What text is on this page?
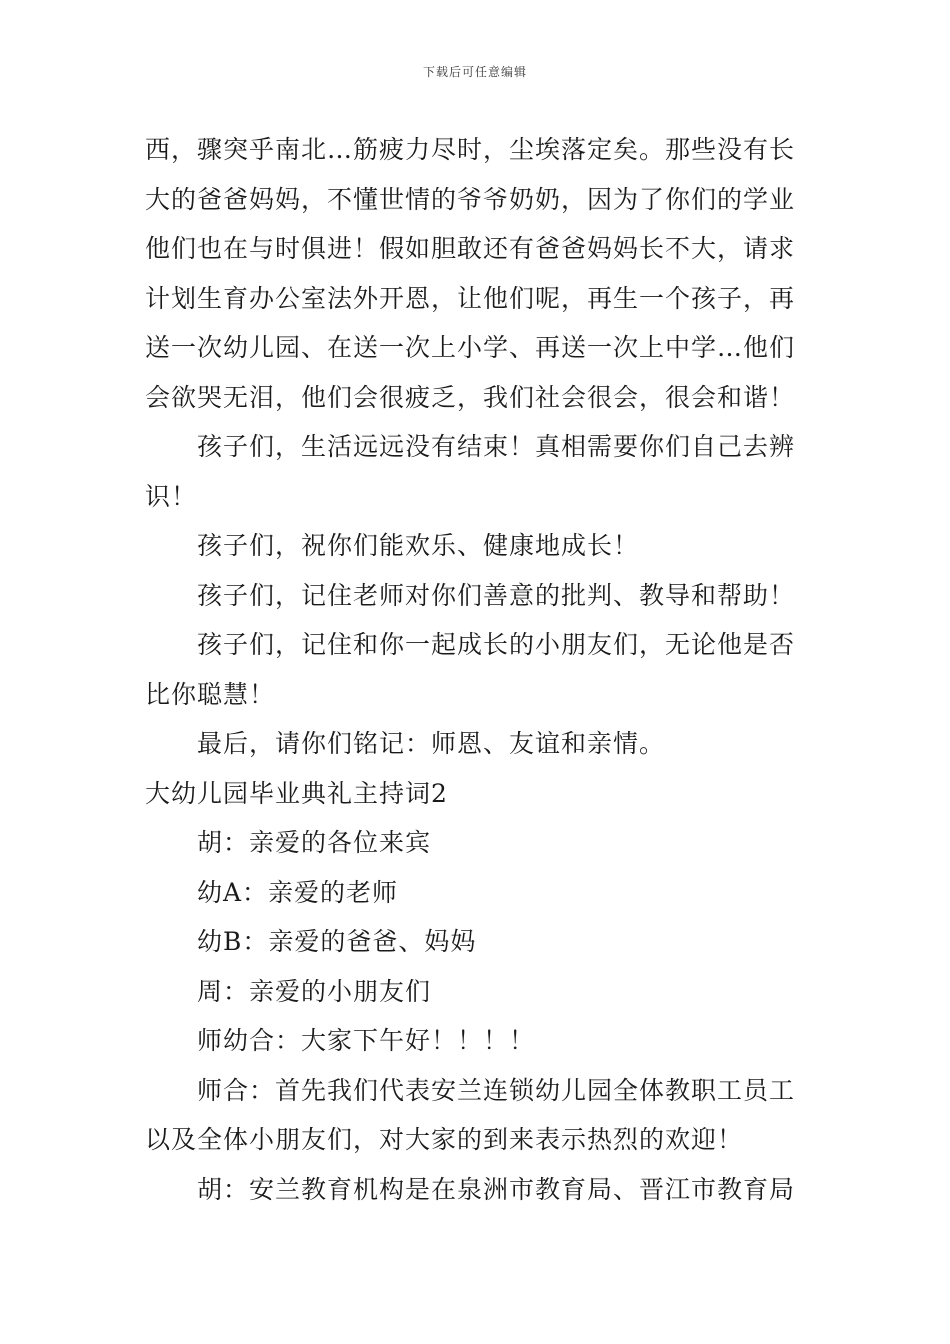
下载后可任意编辑
西，骤突乎南北…筋疲力尽时，尘埃落定矣。那些没有长
大的爸爸妈妈，不懂世情的爷爷奶奶，因为了你们的学业
他们也在与时俱进！假如胆敢还有爸爸妈妈长不大，请求
计划生育办公室法外开恩，让他们呢，再生一个孩子，再
送一次幼儿园、在送一次上小学、再送一次上中学…他们
会欲哭无泪，他们会很疲乏，我们社会很会，很会和谐！
孩子们，生活远远没有结束！真相需要你们自己去辨
识！
孩子们，祝你们能欢乐、健康地成长！
孩子们，记住老师对你们善意的批判、教导和帮助！
孩子们，记住和你一起成长的小朋友们，无论他是否
比你聪慧！
最后，请你们铭记：师恩、友谊和亲情。
大幼儿园毕业典礼主持词2
胡：亲爱的各位来宾
幼A：亲爱的老师
幼B：亲爱的爸爸、妈妈
周：亲爱的小朋友们
师幼合：大家下午好！！！！
师合：首先我们代表安兰连锁幼儿园全体教职工员工
以及全体小朋友们，对大家的到来表示热烈的欢迎！
胡：安兰教育机构是在泉洲市教育局、晋江市教育局
